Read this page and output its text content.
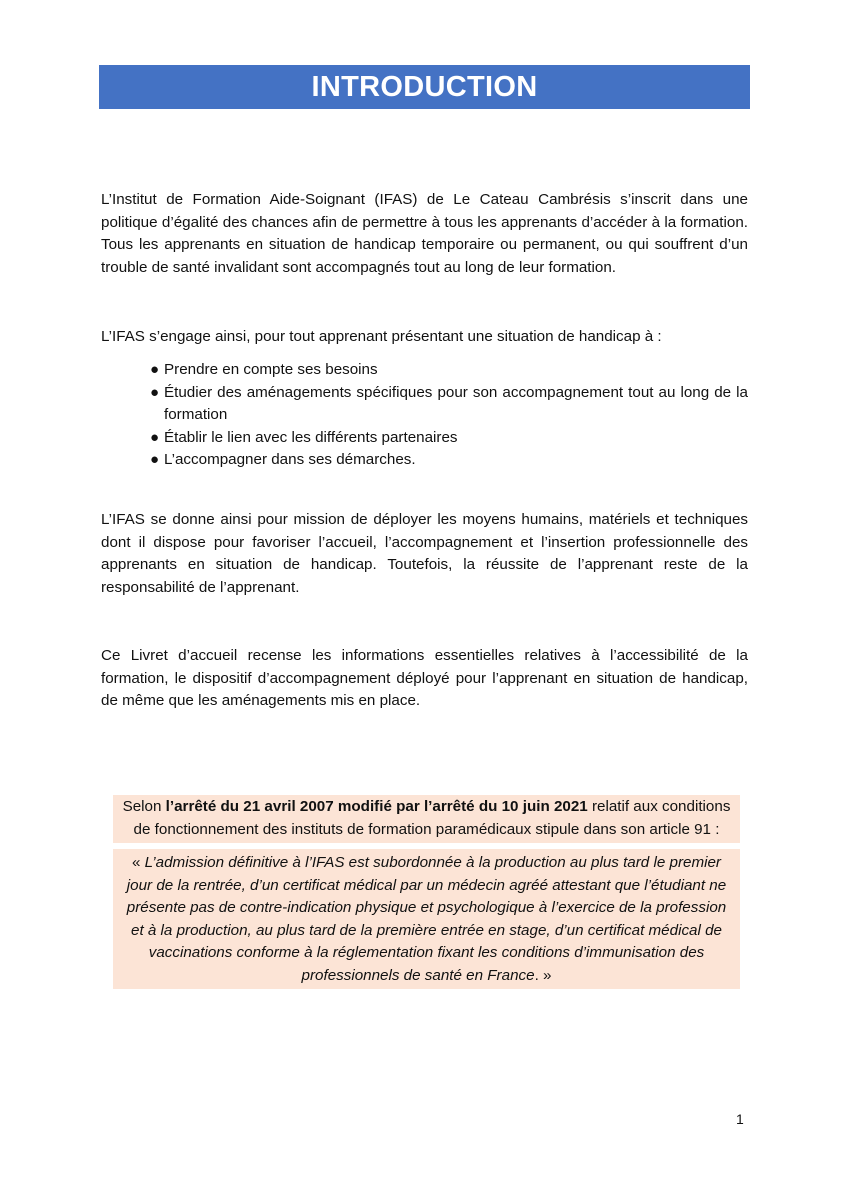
INTRODUCTION

L’Institut de Formation Aide-Soignant (IFAS) de Le Cateau Cambrésis s’inscrit dans une politique d’égalité des chances afin de permettre à tous les apprenants d’accéder à la formation. Tous les apprenants en situation de handicap temporaire ou permanent, ou qui souffrent d’un trouble de santé invalidant sont accompagnés tout au long de leur formation.

L’IFAS s’engage ainsi, pour tout apprenant présentant une situation de handicap à :

● Prendre en compte ses besoins
● Étudier des aménagements spécifiques pour son accompagnement tout au long de la formation
● Établir le lien avec les différents partenaires
● L’accompagner dans ses démarches.

L’IFAS se donne ainsi pour mission de déployer les moyens humains, matériels et techniques dont il dispose pour favoriser l’accueil, l’accompagnement et l’insertion professionnelle des apprenants en situation de handicap. Toutefois, la réussite de l’apprenant reste de la responsabilité de l’apprenant.

Ce Livret d’accueil recense les informations essentielles relatives à l’accessibilité de la formation, le dispositif d’accompagnement déployé pour l’apprenant en situation de handicap, de même que les aménagements mis en place.

Selon l’arrêté du 21 avril 2007 modifié par l’arrêté du 10 juin 2021 relatif aux conditions de fonctionnement des instituts de formation paramédicaux stipule dans son article 91 :
« L’admission définitive à l’IFAS est subordonnée à la production au plus tard le premier jour de la rentrée, d’un certificat médical par un médecin agréé attestant que l’étudiant ne présente pas de contre-indication physique et psychologique à l’exercice de la profession et à la production, au plus tard de la première entrée en stage, d’un certificat médical de vaccinations conforme à la réglementation fixant les conditions d’immunisation des professionnels de santé en France. »
1
